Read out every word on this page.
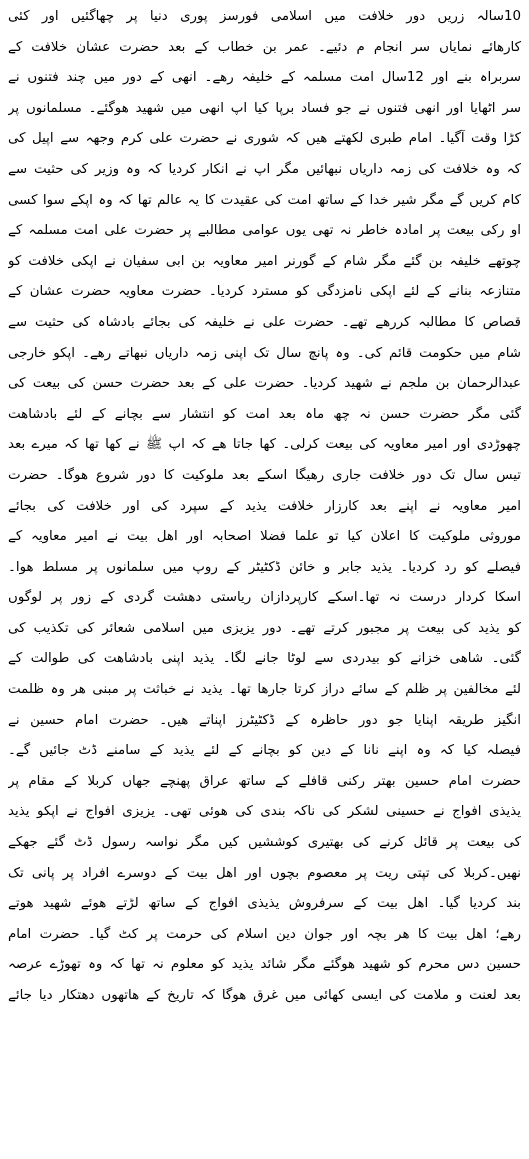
10سالہ زریں دور خلافت میں اسلامی فورسز پوری دنیا پر چھاگئیں اور کئی
کارھائے نمایاں سر انجام م دئیے۔ عمر بن خطاب کے بعد حضرت عشان خلافت کے
سربراہ بنے اور 12سال امت مسلمہ کے خلیفہ رھے۔ انھی کے دور میں چند فتنوں نے
سر اٹھایا اور انھی فتنوں نے جو فساد برپا کیا اپ انھی میں شھید ھوگئے۔ مسلمانوں پر
کڑا وقت آگیا۔ امام طبری لکھتے ھیں کہ شوری نے حضرت علی کرم وجھہ سے اپیل کی
کہ وہ خلافت کی زمہ داریاں نبھائیں مگر اپ نے انکار کردیا کہ وہ وزیر کی حثیت سے
کام کریں گے مگر شیر خدا کے ساتھ امت کی عقیدت کا یہ عالم تھا کہ وہ اپکے سوا کسی
او رکی بیعت پر امادہ خاطر نہ تھی یوں عوامی مطالبے پر حضرت علی امت مسلمہ کے
چوتھے خلیفہ بن گئے مگر شام کے گورنر امیر معاویہ بن ابی سفیان نے اپکی خلافت کو
متنازعہ بنانے کے لئے اپکی نامزدگی کو مسترد کردیا۔ حضرت معاویہ حضرت عشان کے
قصاص کا مطالبہ کررھے تھے۔ حضرت علی نے خلیفہ کی بجائے بادشاہ کی حثیت سے
شام میں حکومت قائم کی۔ وہ پانچ سال تک اپنی زمہ داریاں نبھاتے رھے۔ اپکو خارجی
عبدالرحمان بن ملجم نے شھید کردیا۔ حضرت علی کے بعد حضرت حسن کی بیعت کی
گئی مگر حضرت حسن نہ چھ ماہ بعد امت کو انتشار سے بچانے کے لئے بادشاھت
چھوڑدی اور امیر معاویہ کی بیعت کرلی۔ کھا جاتا ھے کہ اپ ﷺ نے کھا تھا کہ میرے بعد
تیس سال تک دور خلافت جاری رھیگا اسکے بعد ملوکیت کا دور شروع ھوگا۔ حضرت
امیر معاویہ نے اپنے بعد کارزار خلافت یذید کے سپرد کی اور خلافت کی بجائے
موروثی ملوکیت کا اعلان کیا تو علما فضلا اصحابہ اور اھل بیت نے امیر معاویہ کے
فیصلے کو رد کردیا۔ یذید جابر و خائن ڈکٹیٹر کے روپ میں سلمانوں پر مسلط ھوا۔
اسکا کردار درست نہ تھا۔اسکے کارپردازان ریاستی دھشت گردی کے زور پر لوگوں
کو یذید کی بیعت پر مجبور کرتے تھے۔ دور یزیزی میں اسلامی شعائر کی تکذیب کی
گئی۔ شاھی خزانے کو بیدردی سے لوٹا جانے لگا۔ یذید اپنی بادشاھت کی طوالت کے
لئے مخالفین پر ظلم کے سائے دراز کرتا جارھا تھا۔ یذید نے خباثت پر مبنی ھر وہ ظلمت
انگیز طریقہ اپنایا جو دور حاظرہ کے ڈکٹیٹرز اپناتے ھیں۔ حضرت امام حسین نے
فیصلہ کیا کہ وہ اپنے نانا کے دین کو بچانے کے لئے یذید کے سامنے ڈٹ جائیں گے۔
حضرت امام حسین بھتر رکنی قافلے کے ساتھ عراق پھنچے جھاں کربلا کے مقام پر
یذیذی افواج نے حسینی لشکر کی ناکہ بندی کی ھوئی تھی۔ یزیزی افواج نے اپکو یذید
کی بیعت پر قائل کرنے کی بھتیری کوششیں کیں مگر نواسہ رسول ڈٹ گئے جھکے
نھیں۔کربلا کی تپتی ریت پر معصوم بچوں اور اھل بیت کے دوسرے افراد پر پانی تک
بند کردیا گیا۔ اھل بیت کے سرفروش یذیذی افواج کے ساتھ لڑتے ھوئے شھید ھوتے
رھے؛ اھل بیت کا ھر بچہ اور جوان دین اسلام کی حرمت پر کٹ گیا۔ حضرت امام
حسین دس محرم کو شھید ھوگئے مگر شائد یذید کو معلوم نہ تھا کہ وہ تھوڑے عرصہ
بعد لعنت و ملامت کی ایسی کھائی میں غرق ھوگا کہ تاریخ کے ھاتھوں دھتکار دیا جائے
